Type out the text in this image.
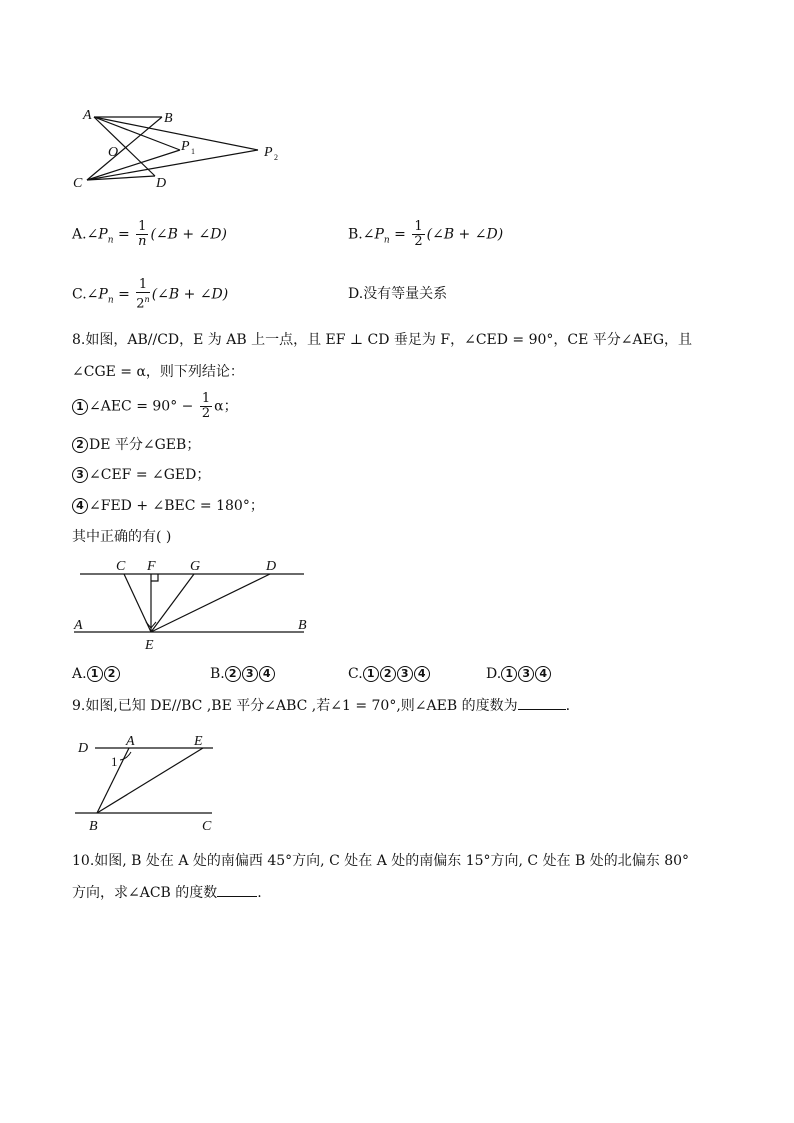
A	B
O	P	P
C	D
1
2
$A.\angle P_n = \frac{1}{n}$ (∠B + ∠D)	$B.\angle P_n = \frac{1}{2}$ (∠B + ∠D)
$C.\angle P_n = \frac{1}{2^n}$ (∠B + ∠D)	D.没有等量关系
8.如图，AB//CD，E 为 AB 上一点，且 EF ⊥ CD 垂足为 F，∠CED = 90°，CE 平分∠AEG，且
∠CGE = α，则下列结论：
1 ∠AEC = $90^\circ - \frac{1}{2}$ α；
2 DE 平分∠GEB；
3 ∠CEF = ∠GED；
4 ∠FED + ∠BEC = 180°；
其中正确的有( )
C F G	D
A	B
E
A. 1 2	B. 2 3 4	C. 1 2 3 4	D. 1 3 4
9.如图,已知 DE//BC ,BE 平分∠ABC ,若∠1 = 70°,则∠AEB 的度数为	.
D	A	E
B	C
1
10.如图, B 处在 A 处的南偏西 45°方向, C 处在 A 处的南偏东 15°方向, C 处在 B 处的北偏东 80°
方向，求∠ACB 的度数	.
